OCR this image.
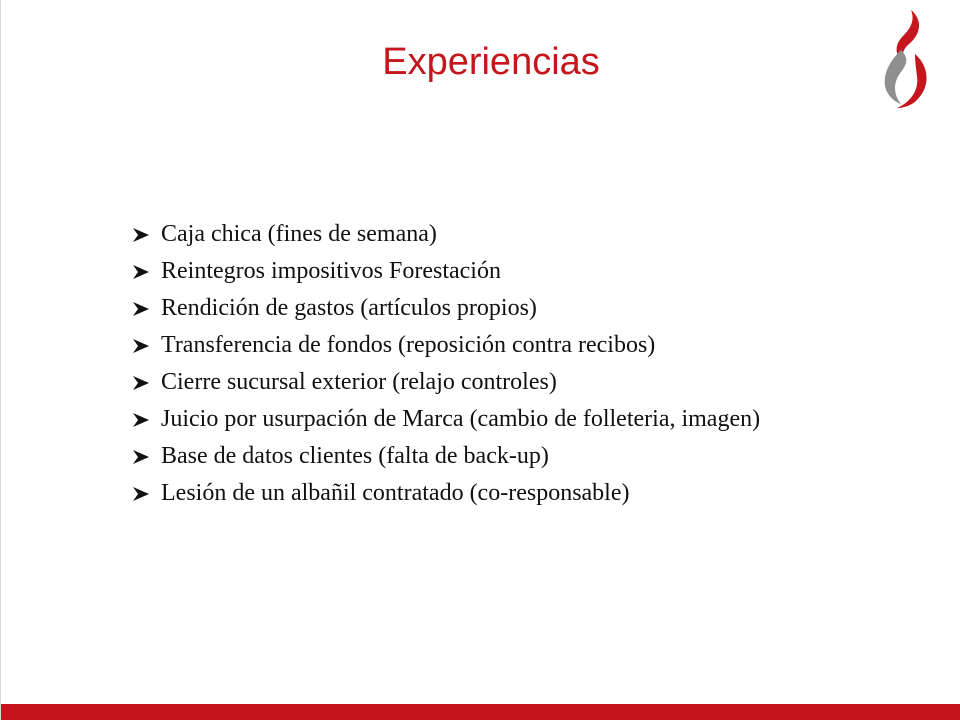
Experiencias
Caja chica (fines de semana)
Reintegros impositivos Forestación
Rendición de gastos (artículos propios)
Transferencia de fondos (reposición contra recibos)
Cierre sucursal exterior (relajo controles)
Juicio por usurpación de Marca (cambio de folleteria, imagen)
Base de datos clientes (falta de back-up)
Lesión de un albañil contratado (co-responsable)
